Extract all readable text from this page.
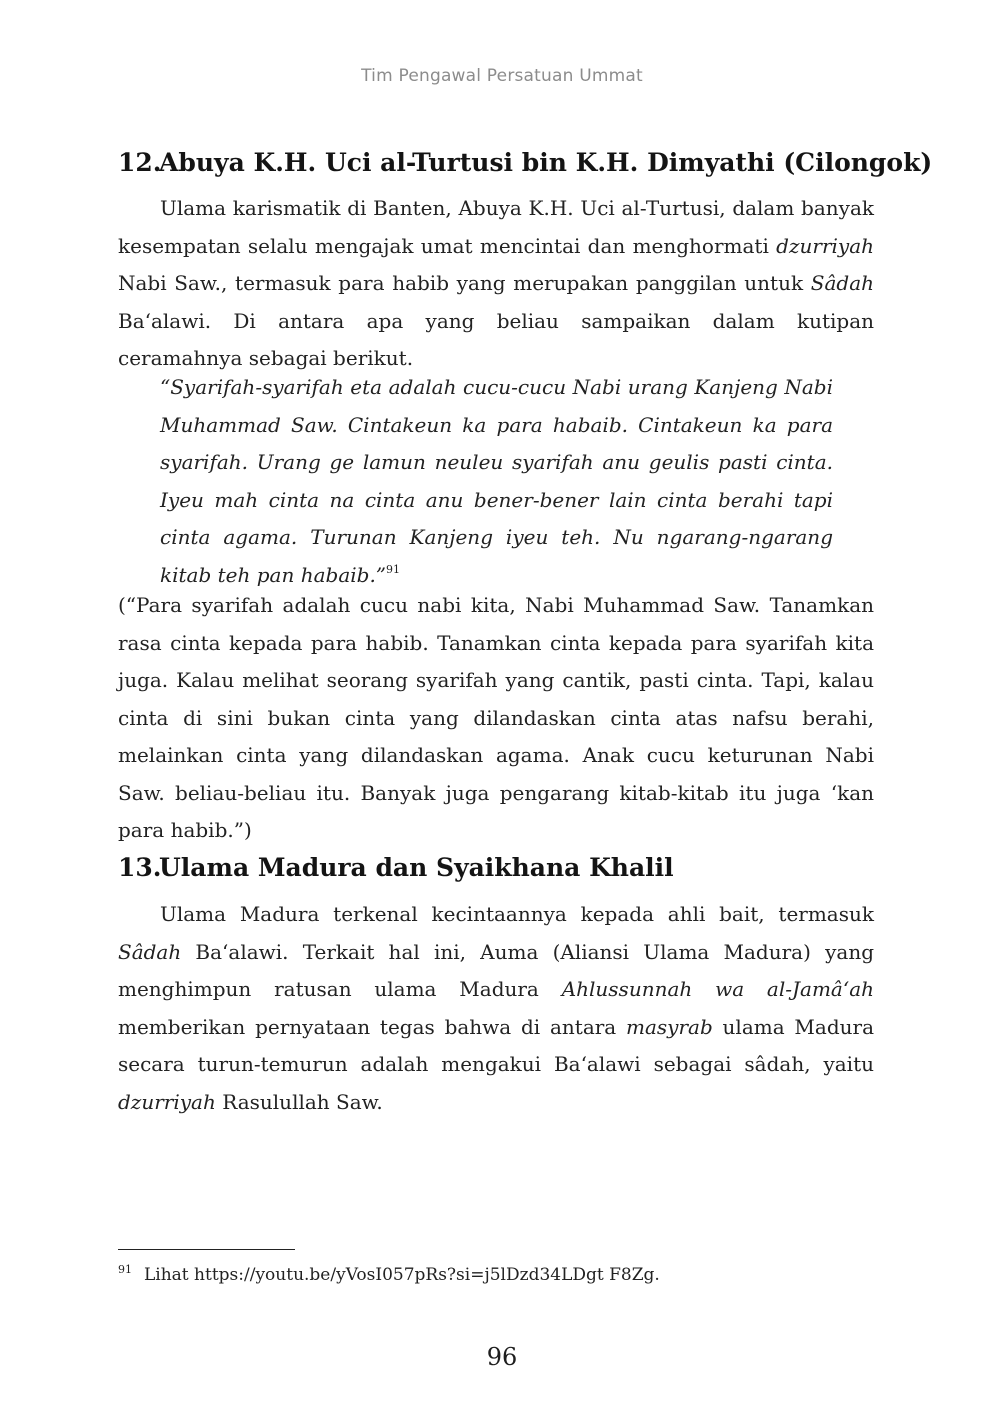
Tim Pengawal Persatuan Ummat
12.Abuya K.H. Uci al-Turtusi bin K.H. Dimyathi (Cilongok)

Ulama karismatik di Banten, Abuya K.H. Uci al-Turtusi, dalam banyak kesempatan selalu mengajak umat mencintai dan menghormati dzurriyah Nabi Saw., termasuk para habib yang merupakan panggilan untuk Sâdah Ba‘alawi. Di antara apa yang beliau sampaikan dalam kutipan ceramahnya sebagai berikut.

“Syarifah-syarifah eta adalah cucu-cucu Nabi urang Kanjeng Nabi Muhammad Saw. Cintakeun ka para habaib. Cintakeun ka para syarifah. Urang ge lamun neuleu syarifah anu geulis pasti cinta. Iyeu mah cinta na cinta anu bener-bener lain cinta berahi tapi cinta agama. Turunan Kanjeng iyeu teh. Nu ngarang-ngarang kitab teh pan habaib.”$^{91}$

(“Para syarifah adalah cucu nabi kita, Nabi Muhammad Saw. Tanamkan rasa cinta kepada para habib. Tanamkan cinta kepada para syarifah kita juga. Kalau melihat seorang syarifah yang cantik, pasti cinta. Tapi, kalau cinta di sini bukan cinta yang dilandaskan cinta atas nafsu berahi, melainkan cinta yang dilandaskan agama. Anak cucu keturunan Nabi Saw. beliau-beliau itu. Banyak juga pengarang kitab-kitab itu juga ‘kan para habib.”)

13.Ulama Madura dan Syaikhana Khalil

Ulama Madura terkenal kecintaannya kepada ahli bait, termasuk Sâdah Ba‘alawi. Terkait hal ini, Auma (Aliansi Ulama Madura) yang menghimpun ratusan ulama Madura Ahlussunnah wa al-Jamâ‘ah memberikan pernyataan tegas bahwa di antara masyrab ulama Madura secara turun-temurun adalah mengakui Ba‘alawi sebagai sâdah, yaitu dzurriyah Rasulullah Saw.

$^{91}$ Lihat https://youtu.be/yVosI057pRs?si=j5lDzd34LDgt F8Zg.

96
